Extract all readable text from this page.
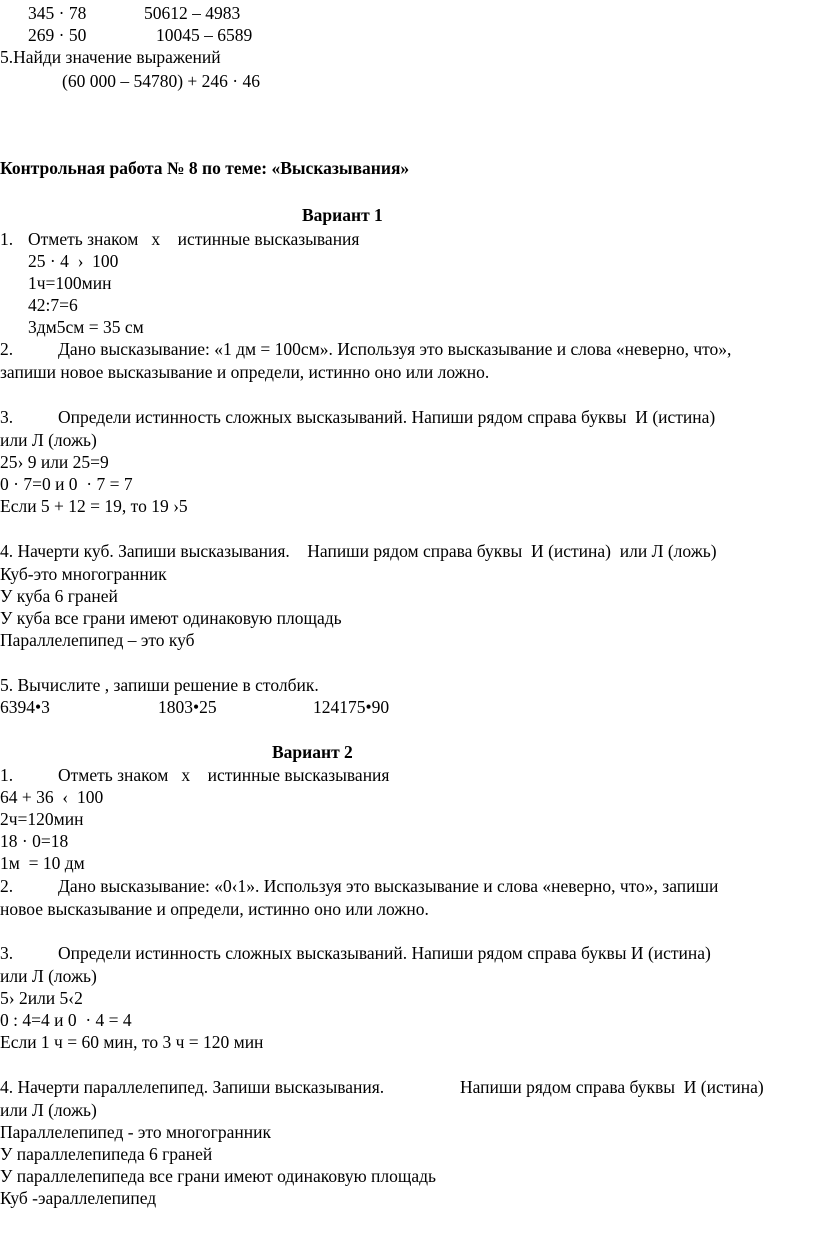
345 · 78	50612 – 4983
269 · 50	10045 – 6589
5.Найди значение выражений
(60 000 – 54780) + 246 · 46
Контрольная работа № 8 по теме: «Высказывания»
Вариант 1
1. Отметь знаком   х    истинные высказывания
25 · 4  ›  100
1ч=100мин
42:7=6
3дм5см = 35 см
2.	Дано высказывание: «1 дм = 100см». Используя это высказывание и слова «неверно, что»,
запиши новое высказывание и определи, истинно оно или ложно.
3.	Определи истинность сложных высказываний. Напиши рядом справа буквы  И (истина)
или Л (ложь)
25› 9 или 25=9
0 · 7=0 и 0  · 7 = 7
Если 5 + 12 = 19, то 19 ›5
4. Начерти куб. Запиши высказывания.    Напиши рядом справа буквы  И (истина)  или Л (ложь)
Куб-это многогранник
У куба 6 граней
У куба все грани имеют одинаковую площадь
Параллелепипед – это куб
5. Вычислите , запиши решение в столбик.
6394•3	1803•25	124175•90
Вариант 2
1.	Отметь знаком   х    истинные высказывания
64 + 36  ‹  100
2ч=120мин
18 · 0=18
1м  = 10 дм
2.	Дано высказывание: «0‹1». Используя это высказывание и слова «неверно, что», запиши
новое высказывание и определи, истинно оно или ложно.
3.	Определи истинность сложных высказываний. Напиши рядом справа буквы И (истина)
или Л (ложь)
5› 2или 5‹2
0 : 4=4 и 0  · 4 = 4
Если 1 ч = 60 мин, то 3 ч = 120 мин
4. Начерти параллелепипед. Запиши высказывания.	Напиши рядом справа буквы  И (истина)
или Л (ложь)
Параллелепипед - это многогранник
У параллелепипеда 6 граней
У параллелепипеда все грани имеют одинаковую площадь
Куб -эараллелепипед
